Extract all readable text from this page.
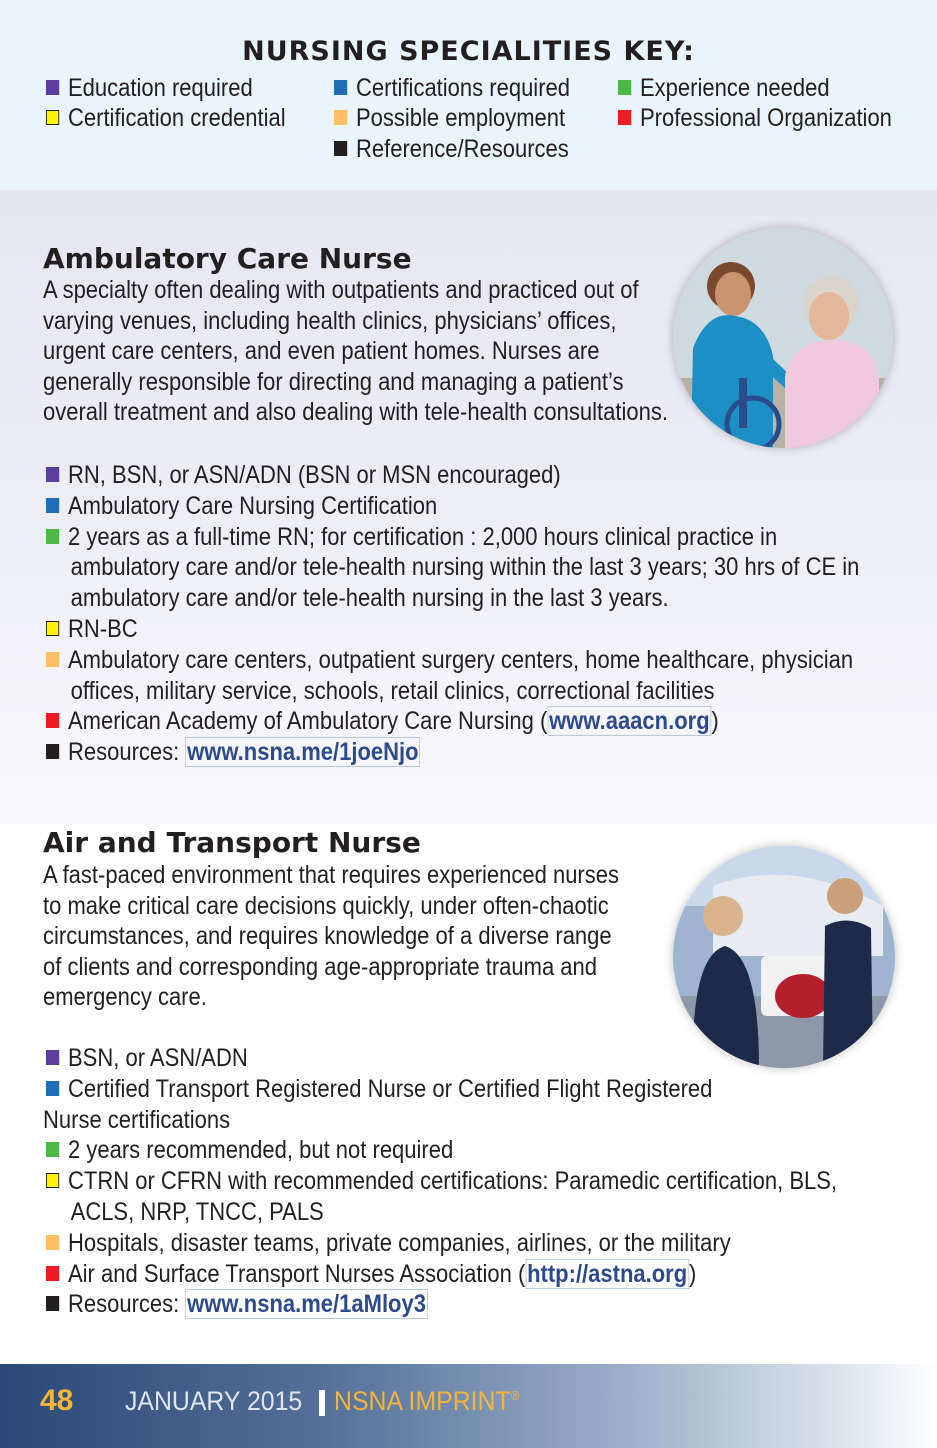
NURSING SPECIALITIES KEY:
Education required	Certifications required	Experience needed
Certification credential	Possible employment	Professional Organization
Reference/Resources
Ambulatory Care Nurse

A specialty often dealing with outpatients and practiced out of
varying venues, including health clinics, physicians’ offices,
urgent care centers, and even patient homes. Nurses are
generally responsible for directing and managing a patient’s
overall treatment and also dealing with tele-health consultations.

RN, BSN, or ASN/ADN (BSN or MSN encouraged)
Ambulatory Care Nursing Certification
2 years as a full-time RN; for certification : 2,000 hours clinical practice in
ambulatory care and/or tele-health nursing within the last 3 years; 30 hrs of CE in
ambulatory care and/or tele-health nursing in the last 3 years.
RN-BC
Ambulatory care centers, outpatient surgery centers, home healthcare, physician
offices, military service, schools, retail clinics, correctional facilities
American Academy of Ambulatory Care Nursing (www.aaacn.org)
Resources: www.nsna.me/1joeNjo
Air and Transport Nurse

A fast-paced environment that requires experienced nurses
to make critical care decisions quickly, under often-chaotic
circumstances, and requires knowledge of a diverse range
of clients and corresponding age-appropriate trauma and
emergency care.

BSN, or ASN/ADN
Certified Transport Registered Nurse or Certified Flight Registered
Nurse certifications
2 years recommended, but not required
CTRN or CFRN with recommended certifications: Paramedic certification, BLS,
ACLS, NRP, TNCC, PALS
Hospitals, disaster teams, private companies, airlines, or the military
Air and Surface Transport Nurses Association (http://astna.org)
Resources: www.nsna.me/1aMloy3
48 JANUARY 2015 NSNA IMPRINT®
